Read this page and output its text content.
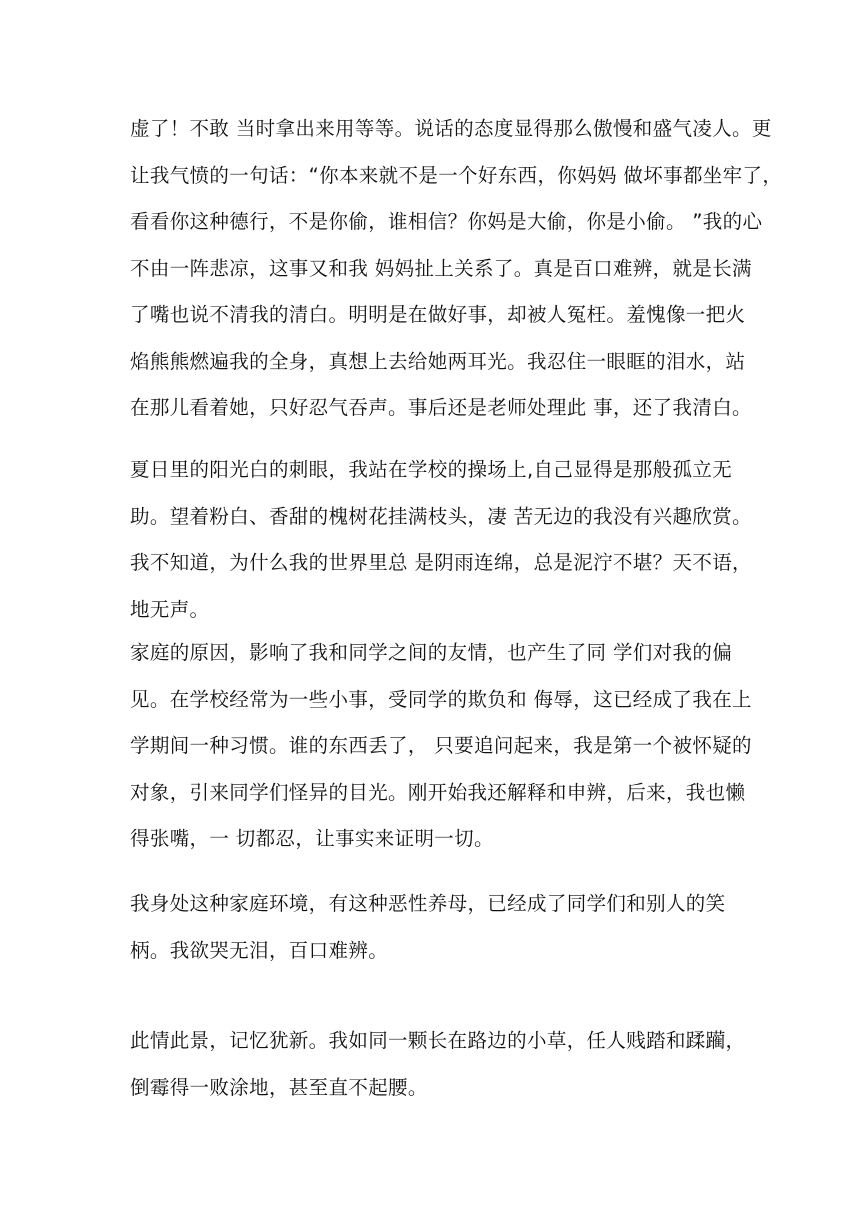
虚了！不敢 当时拿出来用等等。说话的态度显得那么傲慢和盛气凌人。更
让我气愤的一句话：“你本来就不是一个好东西，你妈妈 做坏事都坐牢了，
看看你这种德行，不是你偷，谁相信？你妈是大偷，你是小偷。 ”我的心
不由一阵悲凉，这事又和我 妈妈扯上关系了。真是百口难辨，就是长满
了嘴也说不清我的清白。明明是在做好事，却被人冤枉。羞愧像一把火
焰熊熊燃遍我的全身，真想上去给她两耳光。我忍住一眼眶的泪水，站
在那儿看着她，只好忍气吞声。事后还是老师处理此 事，还了我清白。
夏日里的阳光白的刺眼，我站在学校的操场上,自己显得是那般孤立无
助。望着粉白、香甜的槐树花挂满枝头，凄 苦无边的我没有兴趣欣赏。
我不知道，为什么我的世界里总 是阴雨连绵，总是泥泞不堪？天不语，
地无声。
家庭的原因，影响了我和同学之间的友情，也产生了同 学们对我的偏
见。在学校经常为一些小事，受同学的欺负和 侮辱，这已经成了我在上
学期间一种习惯。谁的东西丢了， 只要追问起来，我是第一个被怀疑的
对象，引来同学们怪异的目光。刚开始我还解释和申辨，后来，我也懒
得张嘴，一 切都忍，让事实来证明一切。
我身处这种家庭环境，有这种恶性养母，已经成了同学们和别人的笑
柄。我欲哭无泪，百口难辨。
此情此景，记忆犹新。我如同一颗长在路边的小草，任人贱踏和蹂躏，
倒霉得一败涂地，甚至直不起腰。
